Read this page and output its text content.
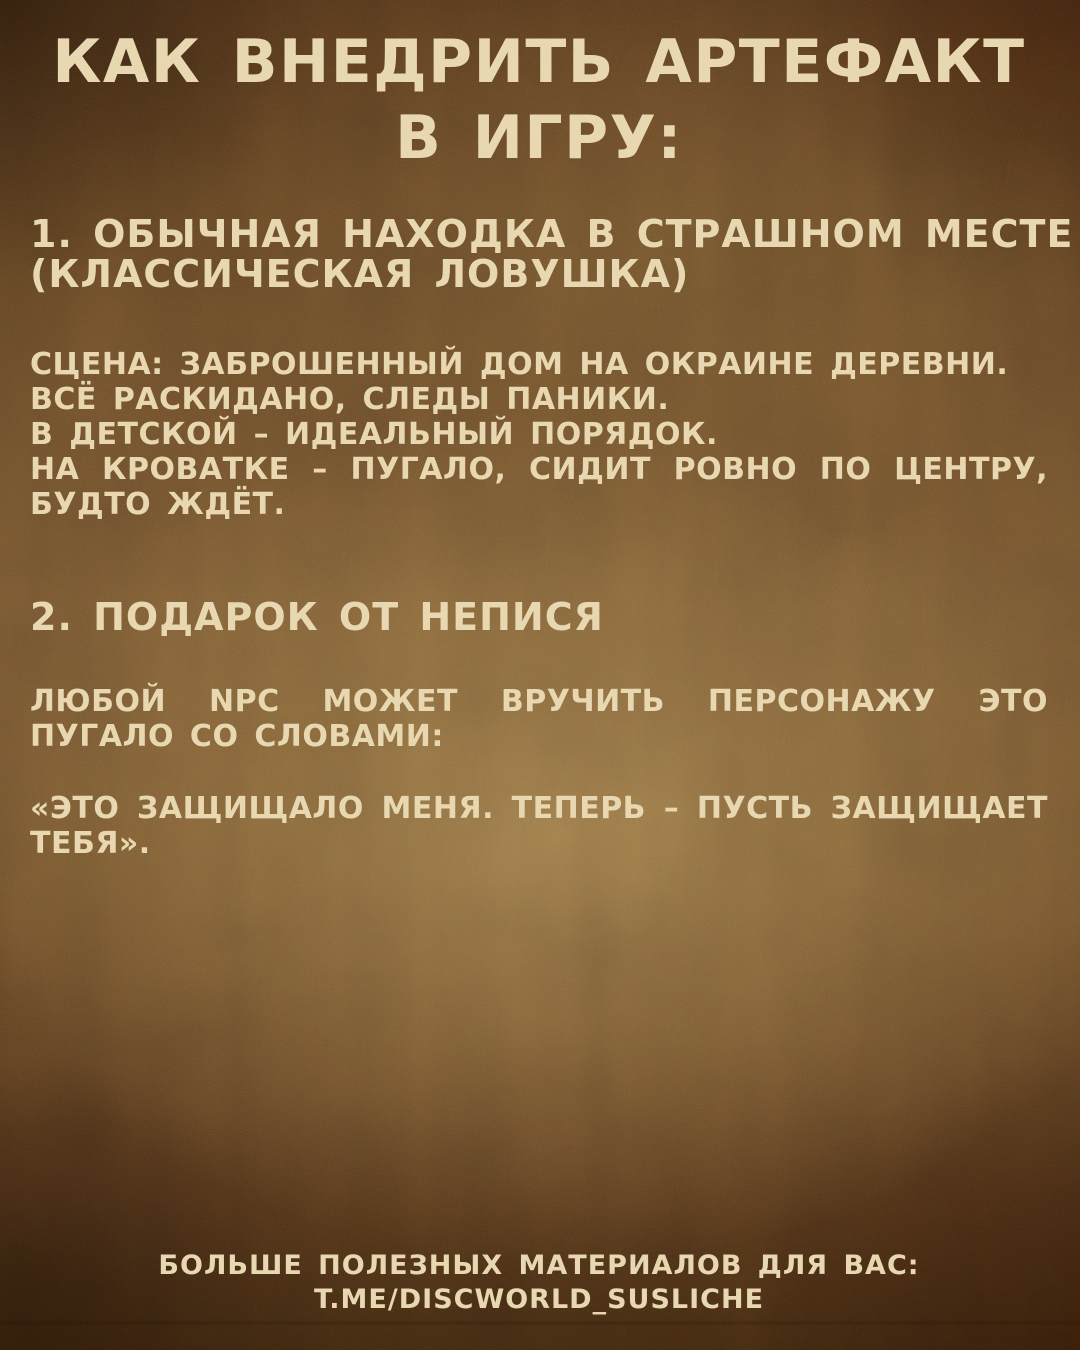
КАК ВНЕДРИТЬ АРТЕФАКТ
В ИГРУ:
1. ОБЫЧНАЯ НАХОДКА В СТРАШНОМ МЕСТЕ
(КЛАССИЧЕСКАЯ ЛОВУШКА)
СЦЕНА: ЗАБРОШЕННЫЙ ДОМ НА ОКРАИНЕ ДЕРЕВНИ.
ВСЁ РАСКИДАНО, СЛЕДЫ ПАНИКИ.
В ДЕТСКОЙ – ИДЕАЛЬНЫЙ ПОРЯДОК.
НА КРОВАТКЕ – ПУГАЛО, СИДИТ РОВНО ПО ЦЕНТРУ,
БУДТО ЖДЁТ.
2. ПОДАРОК ОТ НЕПИСЯ
ЛЮБОЙ NPC МОЖЕТ ВРУЧИТЬ ПЕРСОНАЖУ ЭТО
ПУГАЛО СО СЛОВАМИ:
«ЭТО ЗАЩИЩАЛО МЕНЯ. ТЕПЕРЬ – ПУСТЬ ЗАЩИЩАЕТ
ТЕБЯ».
БОЛЬШЕ ПОЛЕЗНЫХ МАТЕРИАЛОВ ДЛЯ ВАС:
T.ME/DISCWORLD_SUSLICHE
